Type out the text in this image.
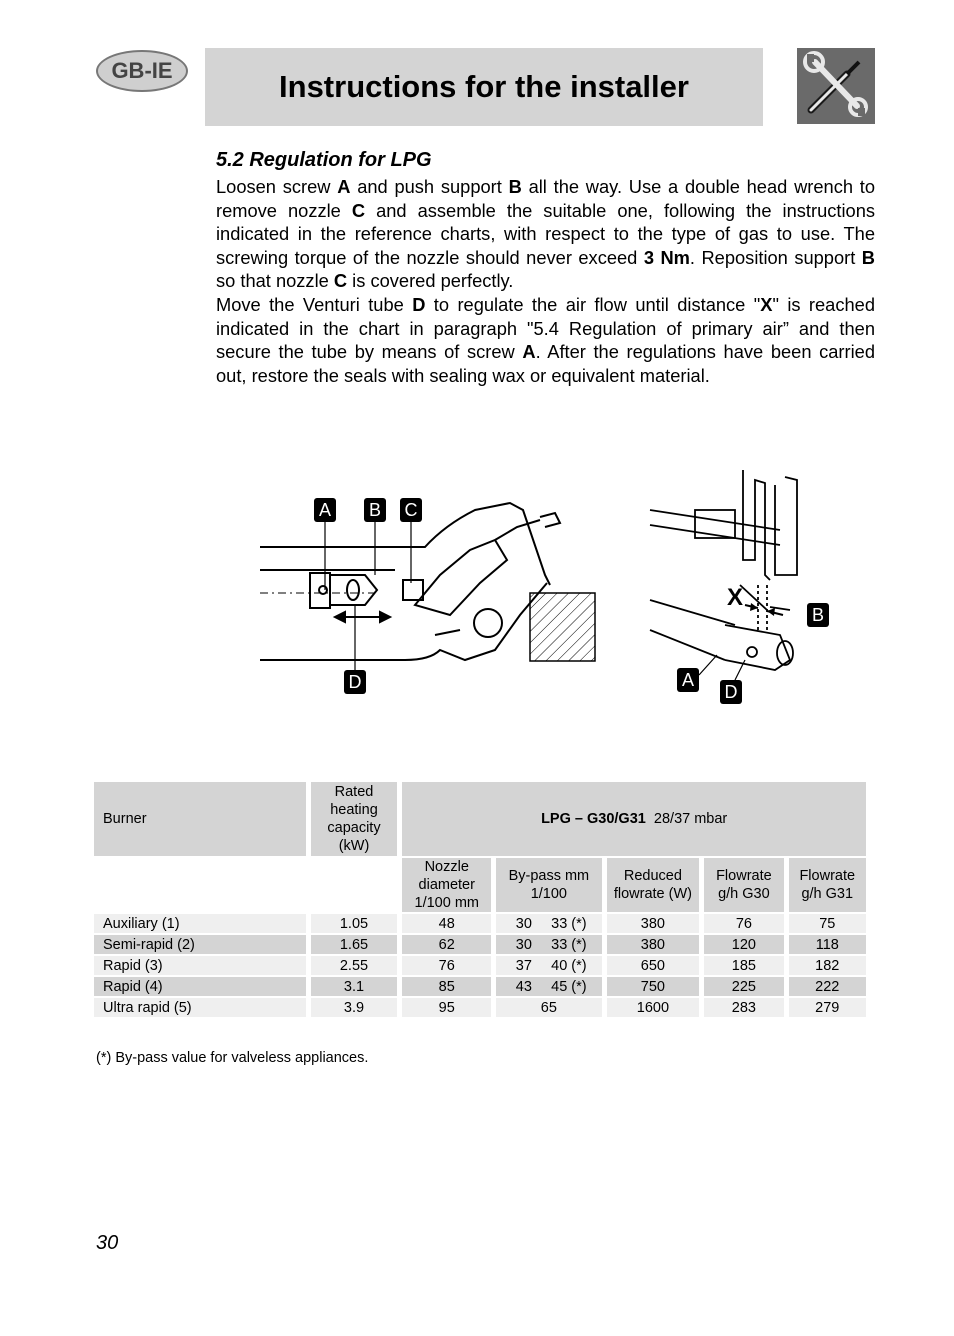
GB-IE	Instructions for the installer
5.2 Regulation for LPG

Loosen screw A and push support B all the way. Use a double head wrench to remove nozzle C and assemble the suitable one, following the instructions indicated in the reference charts, with respect to the type of gas to use. The screwing torque of the nozzle should never exceed 3 Nm. Reposition support B so that nozzle C is covered perfectly.

Move the Venturi tube D to regulate the air flow until distance "X" is reached indicated in the chart in paragraph "5.4 Regulation of primary air” and then secure the tube by means of screw A. After the regulations have been carried out, restore the seals with sealing wax or equivalent material.

A B C
D
X
B
A
D
Burner	Rated heating capacity (kW)	LPG – G30/G31 28/37 mbar				
		Nozzle diameter 1/100 mm	By-pass mm 1/100	Reduced flowrate (W)	Flowrate g/h G30	Flowrate g/h G31
Auxiliary (1)	1.05	48	30 33 (*)	380	76	75
Semi-rapid (2)	1.65	62	30 33 (*)	380	120	118
Rapid (3)	2.55	76	37 40 (*)	650	185	182
Rapid (4)	3.1	85	43 45 (*)	750	225	222
Ultra rapid (5)	3.9	95	65	1600	283	279
(*) By-pass value for valveless appliances.
30
